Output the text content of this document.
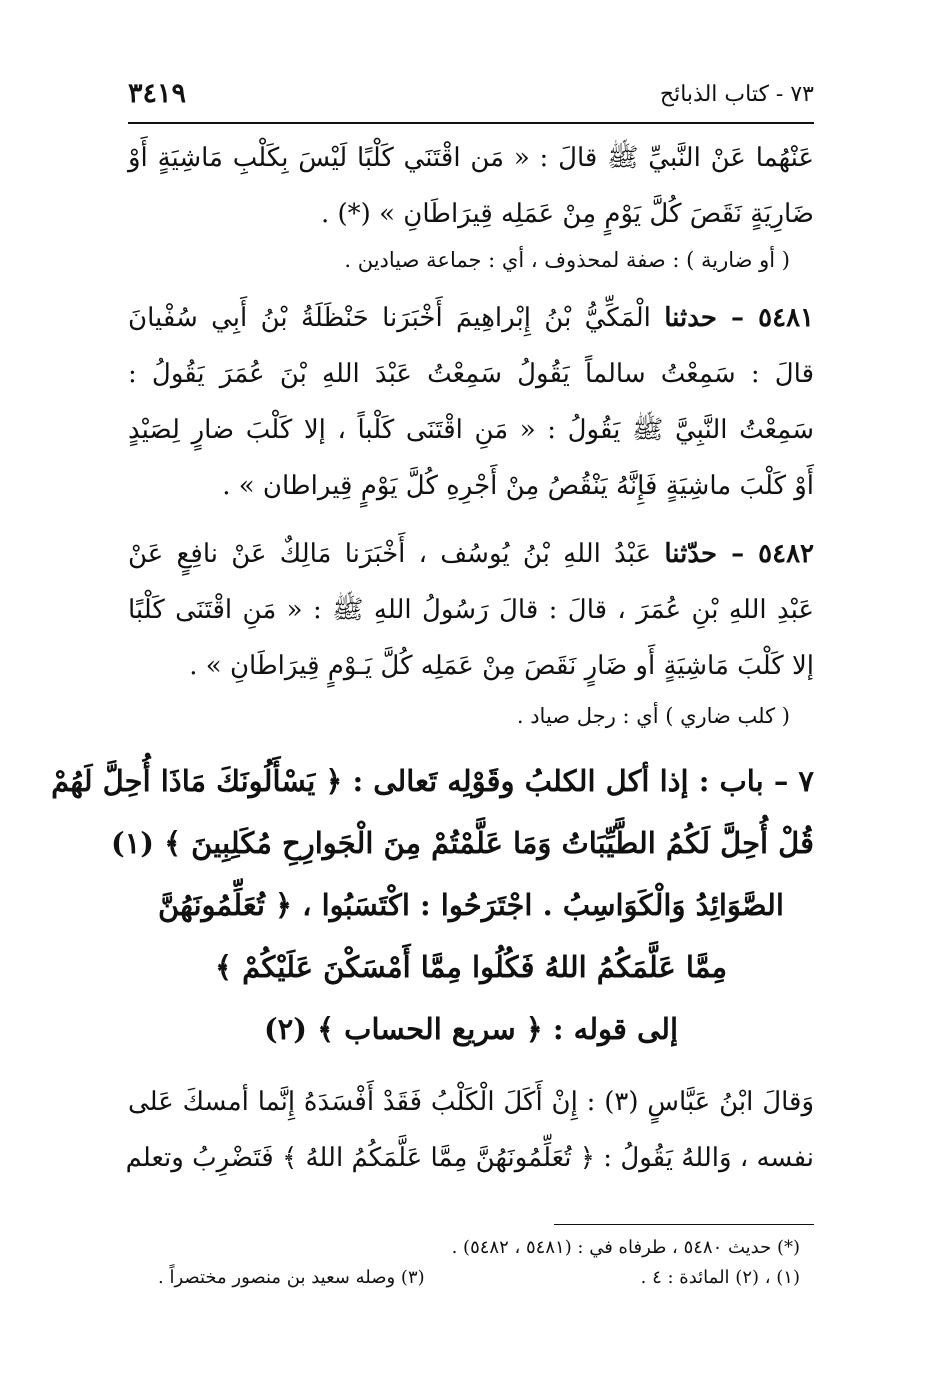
٧٣ - كتاب الذبائح
٣٤١٩
عَنْهُما عَنْ النَّبيِّ ﷺ قالَ : « مَن اقْتَنَي كَلْبًا لَيْسَ بِكَلْبِ مَاشِيَةٍ أَوْ
ضَارِيَةٍ نَقَصَ كُلَّ يَوْمٍ مِنْ عَمَلِه قِيرَاطَانِ » (*) .
( أو ضارية ) : صفة لمحذوف ، أي : جماعة صيادين .
٥٤٨١ – حدثنا الْمَكِّيُّ بْنُ إِبْراهِيمَ أَخْبَرَنا حَنْظَلَةُ بْنُ أَبِي سُفْيانَ
قالَ : سَمِعْتُ سالماً يَقُولُ سَمِعْتُ عَبْدَ اللهِ بْنَ عُمَرَ يَقُولُ :
سَمِعْتُ النَّبِيَّ ﷺ يَقُولُ : « مَنِ اقْتَنَى كَلْباً ، إلا كَلْبَ ضارٍ لِصَيْدٍ
أَوْ كَلْبَ ماشِيَةٍ فَإِنَّهُ يَنْقُصُ مِنْ أَجْرِهِ كُلَّ يَوْمٍ قِيراطان » .
٥٤٨٢ – حدّثنا عَبْدُ اللهِ بْنُ يُوسُف ، أَخْبَرَنا مَالِكٌ عَنْ نافِعٍ عَنْ
عَبْدِ اللهِ بْنِ عُمَرَ ، قالَ : قالَ رَسُولُ اللهِ ﷺ : « مَنِ اقْتَنَى كَلْبًا
إلا كَلْبَ مَاشِيَةٍ أَو ضَارٍ نَقَصَ مِنْ عَمَلِه كُلَّ يَـوْمٍ قِيرَاطَانِ » .
( كلب ضاري ) أي : رجل صياد .
٧ – باب : إذا أكل الكلبُ وقَوْلِه تَعالى : ﴿ يَسْأَلُونَكَ مَاذَا أُحِلَّ لَهُمْ
قُلْ أُحِلَّ لَكُمُ الطَّيِّبَاتُ وَمَا عَلَّمْتُمْ مِنَ الْجَوارِحِ مُكَلِبِينَ ﴾ (١)
الصَّوَائِدُ وَالْكَوَاسِبُ . اجْتَرَحُوا : اكْتَسَبُوا ، ﴿ تُعَلِّمُونَهُنَّ
مِمَّا عَلَّمَكُمُ اللهُ فَكُلُوا مِمَّا أَمْسَكْنَ عَلَيْكُمْ ﴾
إلى قوله : ﴿ سريع الحساب ﴾ (٢)
وَقالَ ابْنُ عَبَّاسٍ (٣) : إِنْ أَكَلَ الْكَلْبُ فَقَدْ أَفْسَدَهُ إِنَّما أمسكَ عَلى
نفسه ، وَاللهُ يَقُولُ : ﴿ تُعَلِّمُونَهُنَّ مِمَّا عَلَّمَكُمُ اللهُ ﴾ فَتَضْرِبُ وتعلم
(*) حديث ٥٤٨٠ ، طرفاه في : (٥٤٨١ ، ٥٤٨٢) .
(١) ، (٢) المائدة : ٤ .
(٣) وصله سعيد بن منصور مختصراً .
